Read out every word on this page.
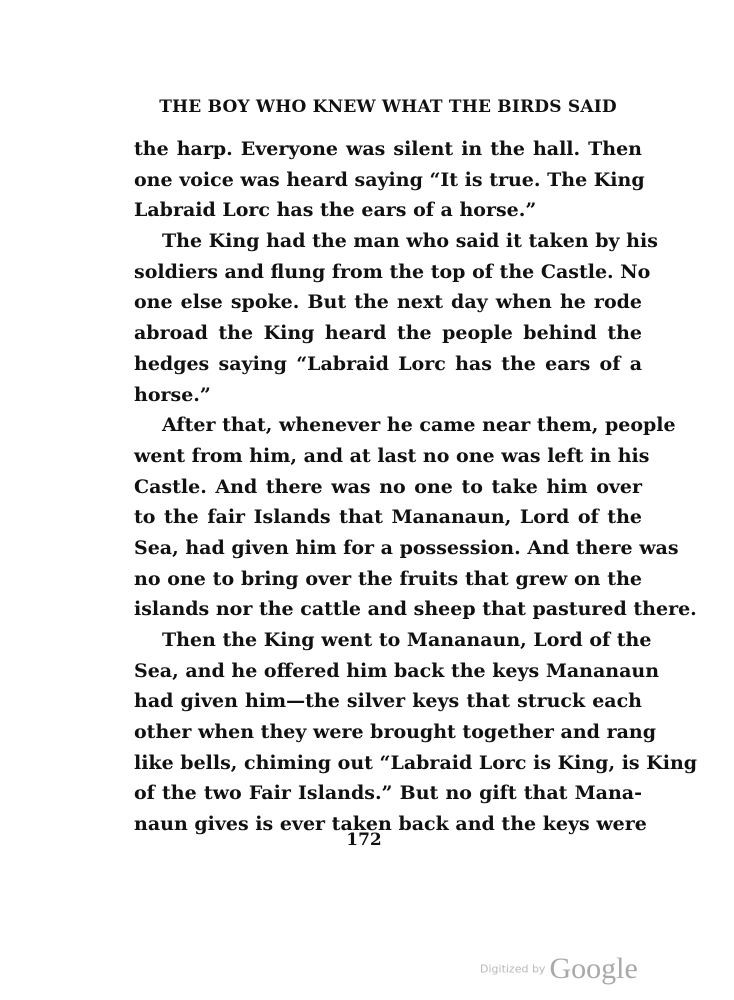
THE BOY WHO KNEW WHAT THE BIRDS SAID
the harp. Everyone was silent in the hall. Then
one voice was heard saying “It is true. The King
Labraid Lorc has the ears of a horse.”
The King had the man who said it taken by his
soldiers and flung from the top of the Castle. No
one else spoke. But the next day when he rode
abroad the King heard the people behind the
hedges saying “Labraid Lorc has the ears of a
horse.”
After that, whenever he came near them, people
went from him, and at last no one was left in his
Castle. And there was no one to take him over
to the fair Islands that Mananaun, Lord of the
Sea, had given him for a possession. And there was
no one to bring over the fruits that grew on the
islands nor the cattle and sheep that pastured there.
Then the King went to Mananaun, Lord of the
Sea, and he offered him back the keys Mananaun
had given him—the silver keys that struck each
other when they were brought together and rang
like bells, chiming out “Labraid Lorc is King, is King
of the two Fair Islands.” But no gift that Mana-
naun gives is ever taken back and the keys were
172
Digitized by Google
